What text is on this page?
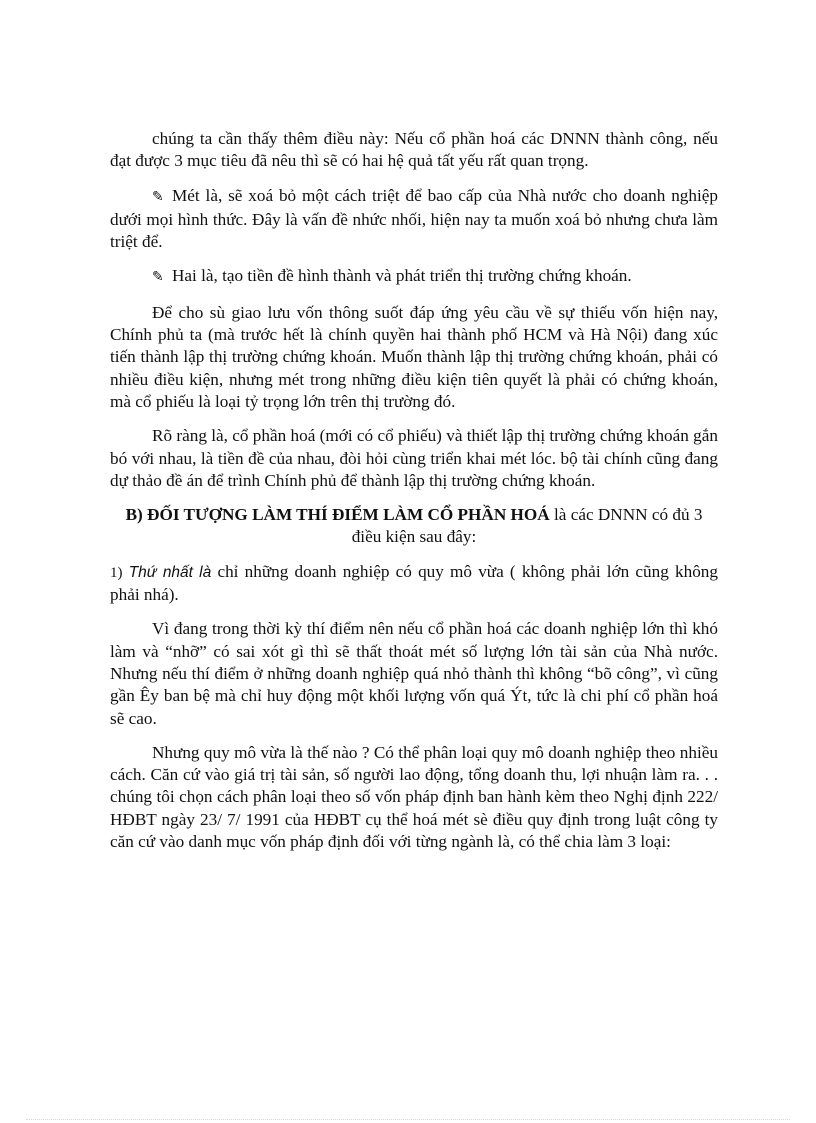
chúng ta cần thấy thêm điều này: Nếu cổ phần hoá các DNNN thành công, nếu đạt được 3 mục tiêu đã nêu thì sẽ có hai hệ quả tất yếu rất quan trọng.

✎ Mét là, sẽ xoá bỏ một cách triệt để bao cấp của Nhà nước cho doanh nghiệp dưới mọi hình thức. Đây là vấn đề nhức nhối, hiện nay ta muốn xoá bỏ nhưng chưa làm triệt để.

✎ Hai là, tạo tiền đề hình thành và phát triển thị trường chứng khoán.

Để cho sù giao lưu vốn thông suốt đáp ứng yêu cầu về sự thiếu vốn hiện nay, Chính phủ ta (mà trước hết là chính quyền hai thành phố HCM và Hà Nội) đang xúc tiến thành lập thị trường chứng khoán. Muốn thành lập thị trường chứng khoán, phải có nhiều điều kiện, nhưng mét trong những điều kiện tiên quyết là phải có chứng khoán, mà cổ phiếu là loại tỷ trọng lớn trên thị trường đó.

Rõ ràng là, cổ phần hoá (mới có cổ phiếu) và thiết lập thị trường chứng khoán gắn bó với nhau, là tiền đề của nhau, đòi hỏi cùng triển khai mét lóc. bộ tài chính cũng đang dự thảo đề án để trình Chính phủ để thành lập thị trường chứng khoán.

B) ĐỐI TƯỢNG LÀM THÍ ĐIỂM LÀM CỔ PHẦN HOÁ là các DNNN có đủ 3 điều kiện sau đây:

1) Thứ nhất là chỉ những doanh nghiệp có quy mô vừa ( không phải lớn cũng không phải nhá).

Vì đang trong thời kỳ thí điểm nên nếu cổ phần hoá các doanh nghiệp lớn thì khó làm và “nhỡ” có sai xót gì thì sẽ thất thoát mét số lượng lớn tài sản của Nhà nước. Nhưng nếu thí điểm ở những doanh nghiệp quá nhỏ thành thì không “bõ công”, vì cũng gần Êy ban bệ mà chỉ huy động một khối lượng vốn quá Ýt, tức là chi phí cổ phần hoá sẽ cao.

Nhưng quy mô vừa là thế nào ? Có thể phân loại quy mô doanh nghiệp theo nhiều cách. Căn cứ vào giá trị tài sản, số người lao động, tổng doanh thu, lợi nhuận làm ra. . . chúng tôi chọn cách phân loại theo số vốn pháp định ban hành kèm theo Nghị định 222/ HĐBT ngày 23/ 7/ 1991 của HĐBT cụ thể hoá mét sè điều quy định trong luật công ty căn cứ vào danh mục vốn pháp định đối với từng ngành là, có thể chia làm 3 loại:
